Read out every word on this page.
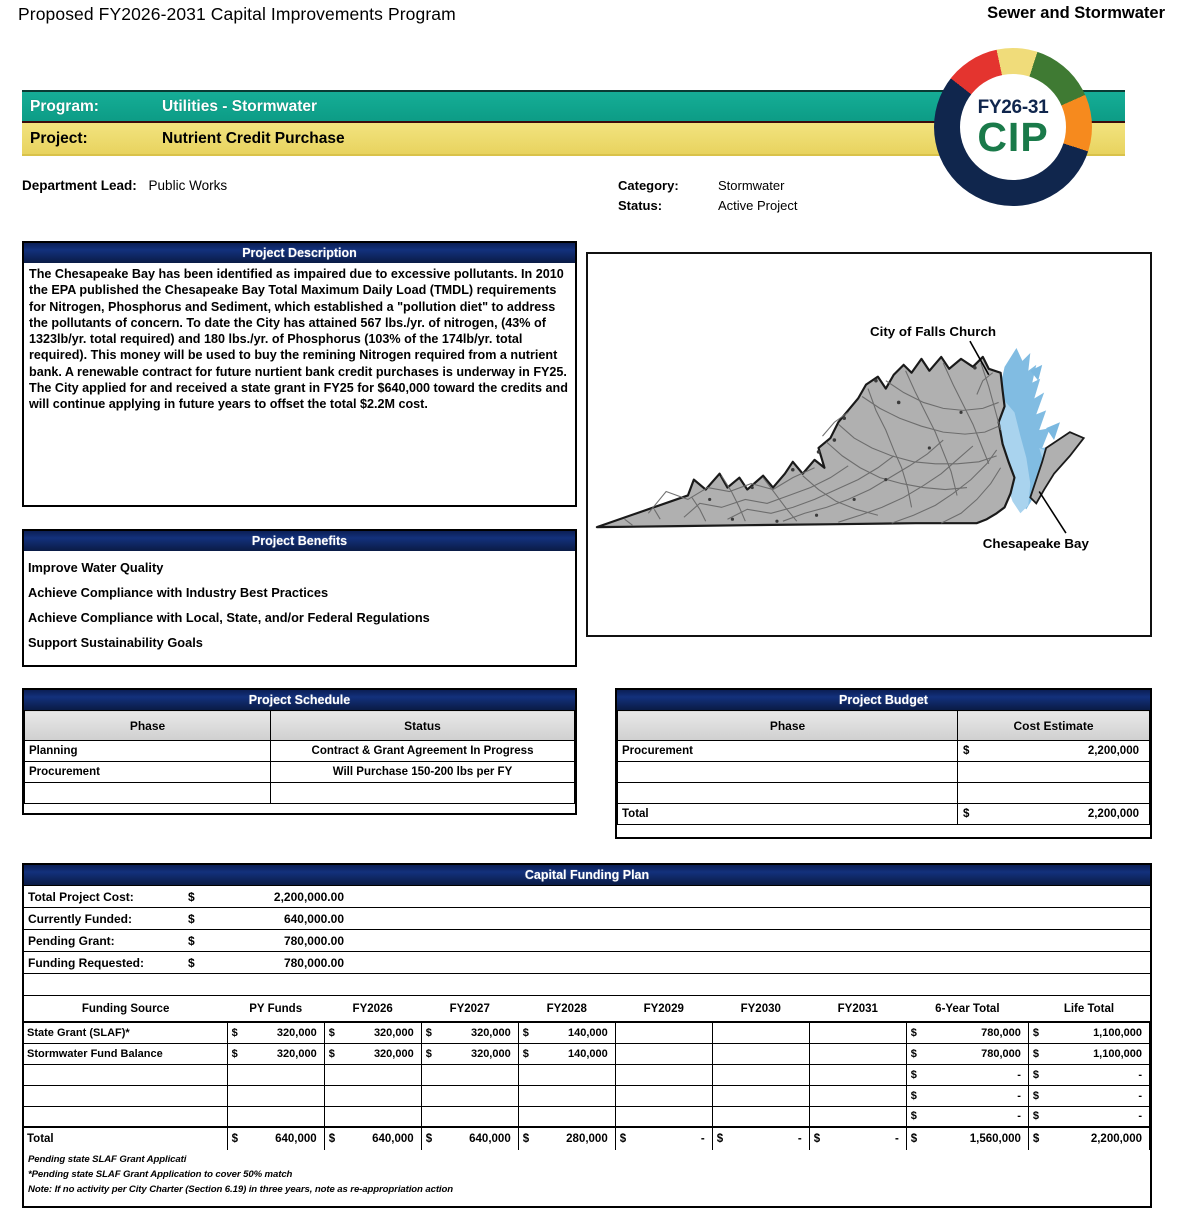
Proposed FY2026-2031 Capital Improvements Program	Sewer and Stormwater
Program:	Utilities - Stormwater
Project:	Nutrient Credit Purchase
FY26-31
CIP
Department Lead: Public Works	Category:	Stormwater
Status:	Active Project
Project Description

The Chesapeake Bay has been identified as impaired due to excessive pollutants. In 2010 the EPA published the Chesapeake Bay Total Maximum Daily Load (TMDL) requirements for Nitrogen, Phosphorus and Sediment, which established a "pollution diet" to address the pollutants of concern. To date the City has attained 567 lbs./yr. of nitrogen, (43% of 1323lb/yr. total required) and 180 lbs./yr. of Phosphorus (103% of the 174lb/yr. total required). This money will be used to buy the remining Nitrogen required from a nutrient bank. A renewable contract for future nurtient bank credit purchases is underway in FY25.

The City applied for and received a state grant in FY25 for $640,000 toward the credits and will continue applying in future years to offset the total $2.2M cost.

Project Benefits
Improve Water Quality
Achieve Compliance with Industry Best Practices
Achieve Compliance with Local, State, and/or Federal Regulations
Support Sustainability Goals
City of Falls Church
Chesapeake Bay
Project Schedule
Phase	Status
Planning	Contract & Grant Agreement In Progress
Procurement	Will Purchase 150-200 lbs per FY

Project Budget
Phase	Cost Estimate
Procurement	$ 2,200,000

Total	$ 2,200,000
Capital Funding Plan
Total Project Cost:	$	2,200,000.00	
Currently Funded:	$	640,000.00	
Pending Grant:	$	780,000.00	
Funding Requested:	$	780,000.00	
Funding Source	PY Funds	FY2026	FY2027	FY2028	FY2029	FY2030	FY2031	6-Year Total	Life Total
State Grant (SLAF)*	$ 320,000	$ 320,000	$ 320,000	$ 140,000				$ 780,000	$ 1,100,000
Stormwater Fund Balance	$ 320,000	$ 320,000	$ 320,000	$ 140,000				$ 780,000	$ 1,100,000

								$ -	$ -

								$ -	$ -

								$ -	$ -
Total	$ 640,000	$ 640,000	$ 640,000	$ 280,000	$ -	$ -	$ -	$ 1,560,000	$ 2,200,000
Pending state SLAF Grant Applicati
*Pending state SLAF Grant Application to cover 50% match
Note: If no activity per City Charter (Section 6.19) in three years, note as re-appropriation action
